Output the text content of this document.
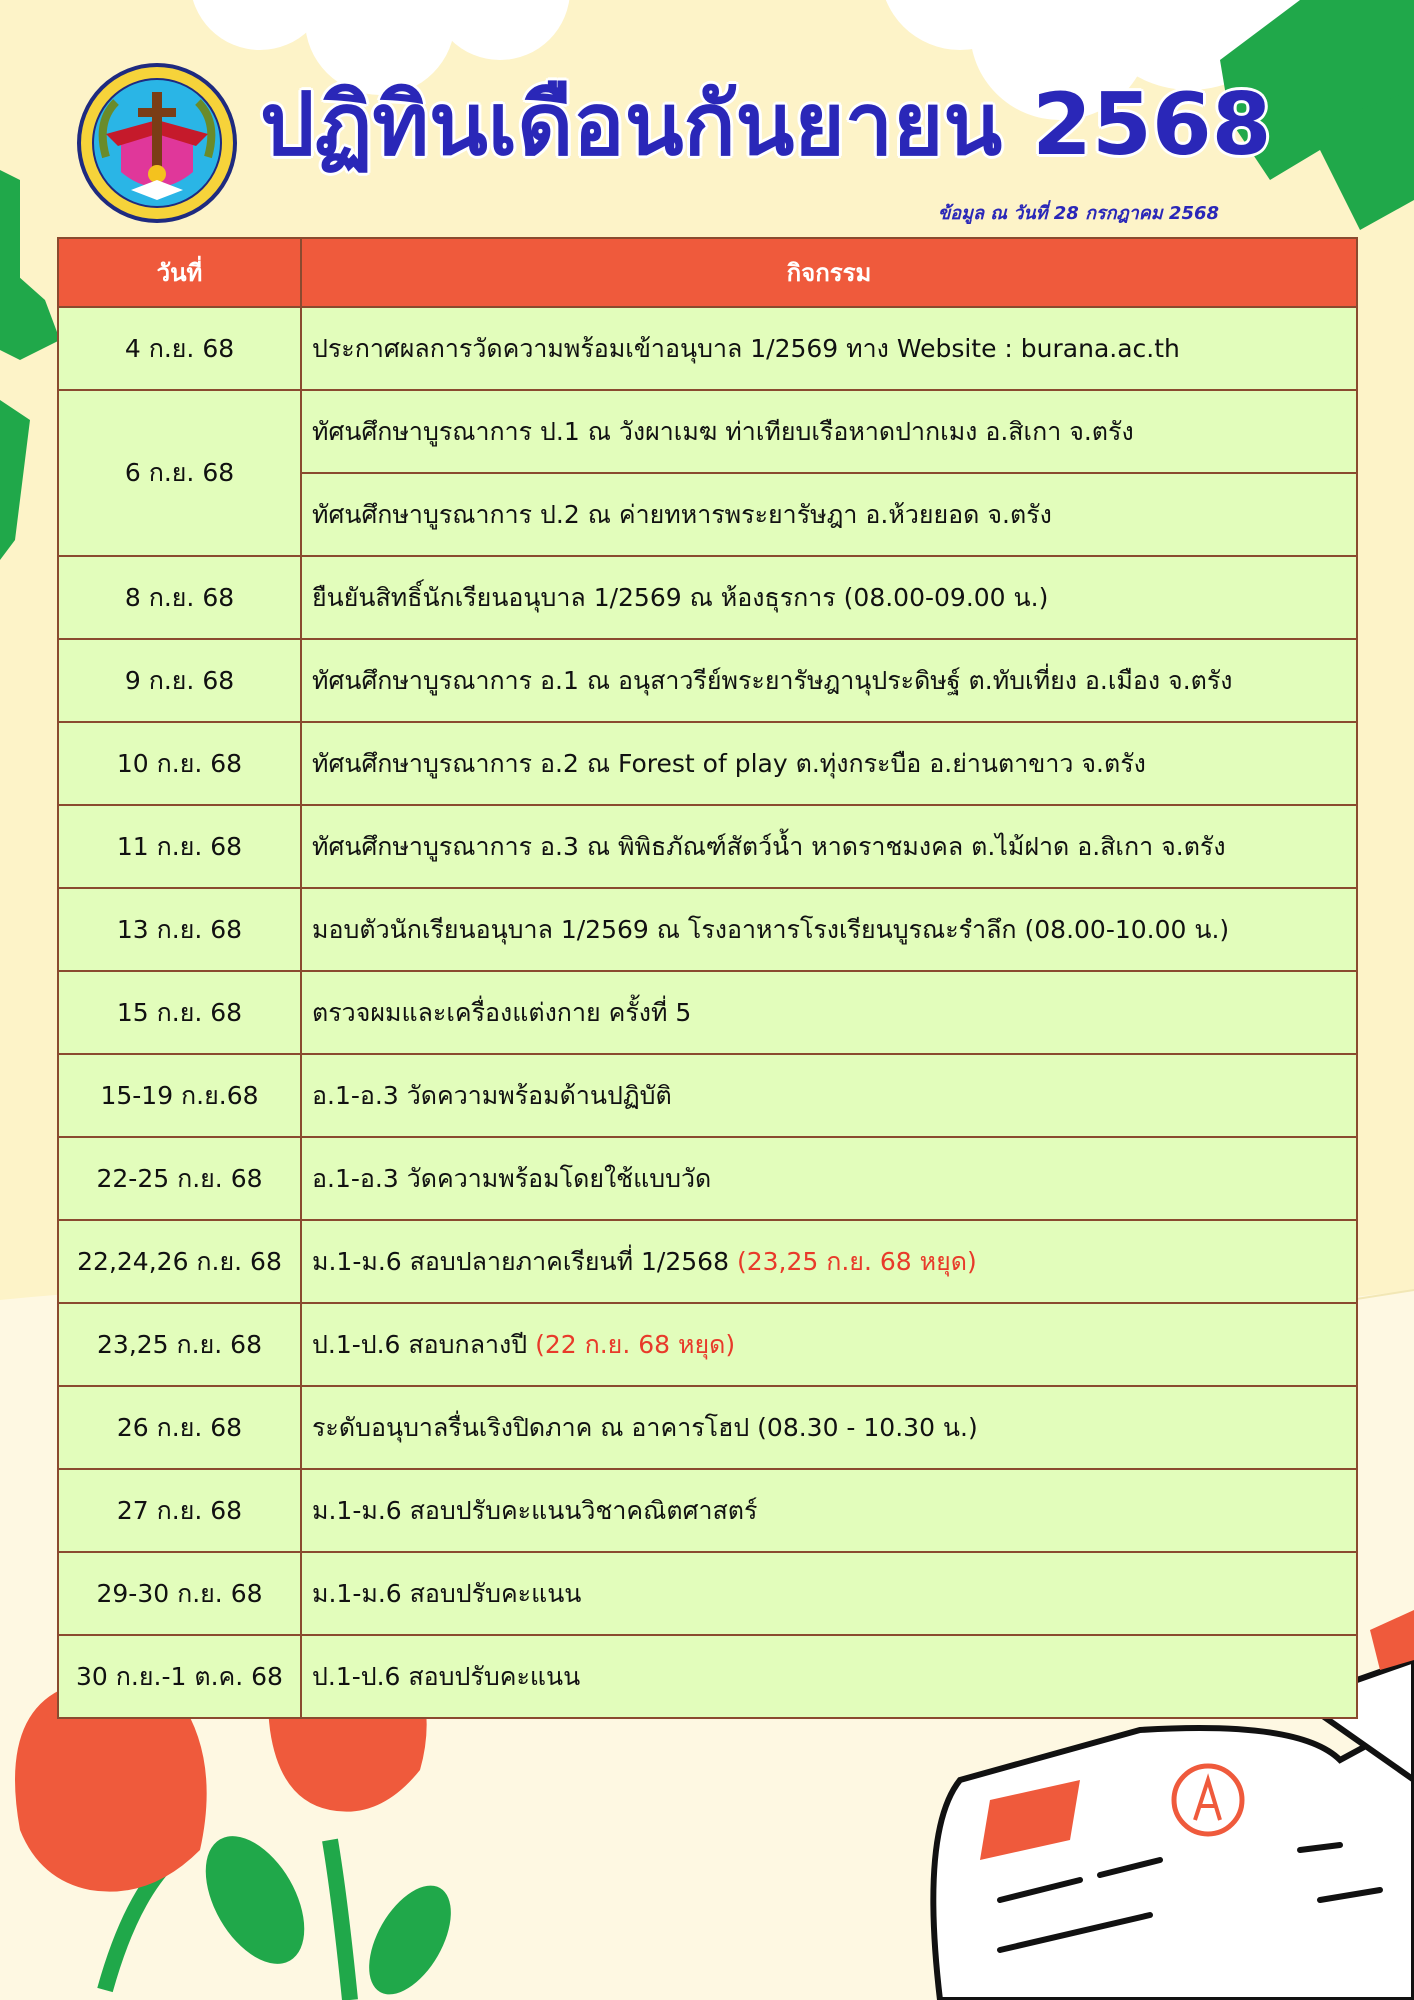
ปฏิทินเดือนกันยายน 2568
ข้อมูล ณ วันที่ 28 กรกฎาคม 2568
วันที่	กิจกรรม
4 ก.ย. 68	ประกาศผลการวัดความพร้อมเข้าอนุบาล 1/2569 ทาง Website : burana.ac.th
6 ก.ย. 68	ทัศนศึกษาบูรณาการ ป.1 ณ วังผาเมฆ ท่าเทียบเรือหาดปากเมง อ.สิเกา จ.ตรัง
	ทัศนศึกษาบูรณาการ ป.2 ณ ค่ายทหารพระยารัษฎา อ.ห้วยยอด จ.ตรัง
8 ก.ย. 68	ยืนยันสิทธิ์นักเรียนอนุบาล 1/2569 ณ ห้องธุรการ (08.00-09.00 น.)
9 ก.ย. 68	ทัศนศึกษาบูรณาการ อ.1 ณ อนุสาวรีย์พระยารัษฎานุประดิษฐ์ ต.ทับเที่ยง อ.เมือง จ.ตรัง
10 ก.ย. 68	ทัศนศึกษาบูรณาการ อ.2 ณ Forest of play ต.ทุ่งกระบือ อ.ย่านตาขาว จ.ตรัง
11 ก.ย. 68	ทัศนศึกษาบูรณาการ อ.3 ณ พิพิธภัณฑ์สัตว์น้ำ หาดราชมงคล ต.ไม้ฝาด อ.สิเกา จ.ตรัง
13 ก.ย. 68	มอบตัวนักเรียนอนุบาล 1/2569 ณ โรงอาหารโรงเรียนบูรณะรำลึก (08.00-10.00 น.)
15 ก.ย. 68	ตรวจผมและเครื่องแต่งกาย ครั้งที่ 5
15-19 ก.ย.68	อ.1-อ.3 วัดความพร้อมด้านปฏิบัติ
22-25 ก.ย. 68	อ.1-อ.3 วัดความพร้อมโดยใช้แบบวัด
22,24,26 ก.ย. 68	ม.1-ม.6 สอบปลายภาคเรียนที่ 1/2568 (23,25 ก.ย. 68 หยุด)
23,25 ก.ย. 68	ป.1-ป.6 สอบกลางปี (22 ก.ย. 68 หยุด)
26 ก.ย. 68	ระดับอนุบาลรื่นเริงปิดภาค ณ อาคารโฮป (08.30 - 10.30 น.)
27 ก.ย. 68	ม.1-ม.6 สอบปรับคะแนนวิชาคณิตศาสตร์
29-30 ก.ย. 68	ม.1-ม.6 สอบปรับคะแนน
30 ก.ย.-1 ต.ค. 68	ป.1-ป.6 สอบปรับคะแนน
